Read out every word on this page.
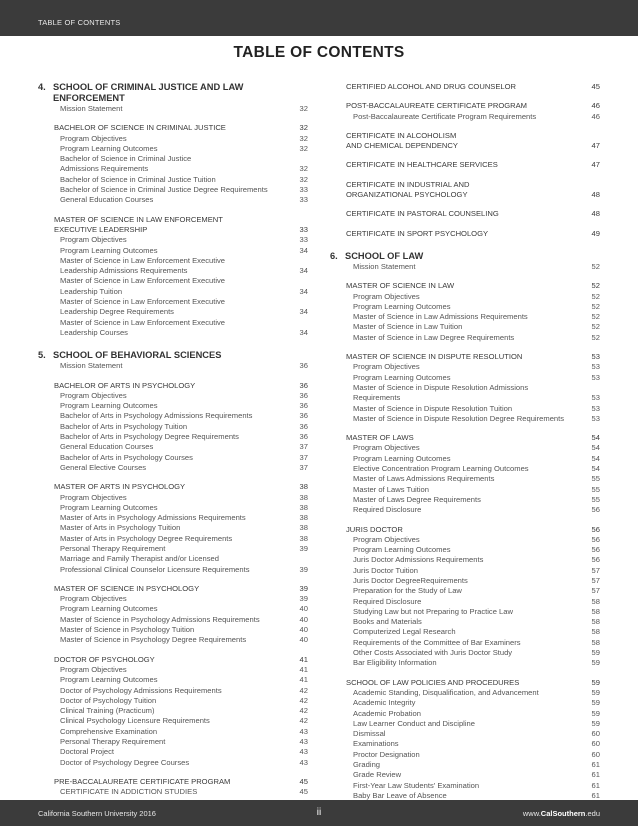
TABLE OF CONTENTS
TABLE OF CONTENTS
4. SCHOOL OF CRIMINAL JUSTICE AND LAW
ENFORCEMENT
Mission Statement	32
BACHELOR OF SCIENCE IN CRIMINAL JUSTICE	32
Program Objectives	32
Program Learning Outcomes	32
Bachelor of Science in Criminal Justice
Admissions Requirements	32
Bachelor of Science in Criminal Justice Tuition	32
Bachelor of Science in Criminal Justice Degree Requirements	33
General Education Courses	33
MASTER OF SCIENCE IN LAW ENFORCEMENT
EXECUTIVE LEADERSHIP	33
Program Objectives	33
Program Learning Outcomes	34
Master of Science in Law Enforcement Executive
Leadership Admissions Requirements	34
Master of Science in Law Enforcement Executive
Leadership Tuition	34
Master of Science in Law Enforcement Executive
Leadership Degree Requirements	34
Master of Science in Law Enforcement Executive
Leadership Courses	34
5. SCHOOL OF BEHAVIORAL SCIENCES
Mission Statement	36
BACHELOR OF ARTS IN PSYCHOLOGY	36
Program Objectives	36
Program Learning Outcomes	36
Bachelor of Arts in Psychology Admissions Requirements	36
Bachelor of Arts in Psychology Tuition	36
Bachelor of Arts in Psychology Degree Requirements	36
General Education Courses	37
Bachelor of Arts in Psychology Courses	37
General Elective Courses	37
MASTER OF ARTS IN PSYCHOLOGY	38
Program Objectives	38
Program Learning Outcomes	38
Master of Arts in Psychology Admissions Requirements	38
Master of Arts in Psychology Tuition	38
Master of Arts in Psychology Degree Requirements	38
Personal Therapy Requirement	39
Marriage and Family Therapist and/or Licensed
Professional Clinical Counselor Licensure Requirements	39
MASTER OF SCIENCE IN PSYCHOLOGY	39
Program Objectives	39
Program Learning Outcomes	40
Master of Science in Psychology Admissions Requirements	40
Master of Science in Psychology Tuition	40
Master of Science in Psychology Degree Requirements	40
DOCTOR OF PSYCHOLOGY	41
Program Objectives	41
Program Learning Outcomes	41
Doctor of Psychology Admissions Requirements	42
Doctor of Psychology Tuition	42
Clinical Training (Practicum)	42
Clinical Psychology Licensure Requirements	42
Comprehensive Examination	43
Personal Therapy Requirement	43
Doctoral Project	43
Doctor of Psychology Degree Courses	43
PRE-BACCALAUREATE CERTIFICATE PROGRAM	45
CERTIFICATE IN ADDICTION STUDIES	45
CERTIFIED ALCOHOL AND DRUG COUNSELOR	45
POST-BACCALAUREATE CERTIFICATE PROGRAM	46
Post-Baccalaureate Certificate Program Requirements	46
CERTIFICATE IN ALCOHOLISM
AND CHEMICAL DEPENDENCY	47
CERTIFICATE IN HEALTHCARE SERVICES	47
CERTIFICATE IN INDUSTRIAL AND
ORGANIZATIONAL PSYCHOLOGY	48
CERTIFICATE IN PASTORAL COUNSELING	48
CERTIFICATE IN SPORT PSYCHOLOGY	49
6. SCHOOL OF LAW
Mission Statement	52
MASTER OF SCIENCE IN LAW	52
Program Objectives	52
Program Learning Outcomes	52
Master of Science in Law Admissions Requirements	52
Master of Science in Law Tuition	52
Master of Science in Law Degree Requirements	52
MASTER OF SCIENCE IN DISPUTE RESOLUTION	53
Program Objectives	53
Program Learning Outcomes	53
Master of Science in Dispute Resolution Admissions
Requirements	53
Master of Science in Dispute Resolution Tuition	53
Master of Science in Dispute Resolution Degree Requirements	53
MASTER OF LAWS	54
Program Objectives	54
Program Learning Outcomes	54
Elective Concentration Program Learning Outcomes	54
Master of Laws Admissions Requirements	55
Master of Laws Tuition	55
Master of Laws Degree Requirements	55
Required Disclosure	56
JURIS DOCTOR	56
Program Objectives	56
Program Learning Outcomes	56
Juris Doctor Admissions Requirements	56
Juris Doctor Tuition	57
Juris Doctor DegreeRequirements	57
Preparation for the Study of Law	57
Required Disclosure	58
Studying Law but not Preparing to Practice Law	58
Books and Materials	58
Computerized Legal Research	58
Requirements of the Committee of Bar Examiners	58
Other Costs Associated with Juris Doctor Study	59
Bar Eligibility Information	59
SCHOOL OF LAW POLICIES AND PROCEDURES	59
Academic Standing, Disqualification, and Advancement	59
Academic Integrity	59
Academic Probation	59
Law Learner Conduct and Discipline	59
Dismissal	60
Examinations	60
Proctor Designation	60
Grading	61
Grade Review	61
First-Year Law Students' Examination	61
Baby Bar Leave of Absence	61
California Southern University 2016	ii	www.CalSouthern.edu
